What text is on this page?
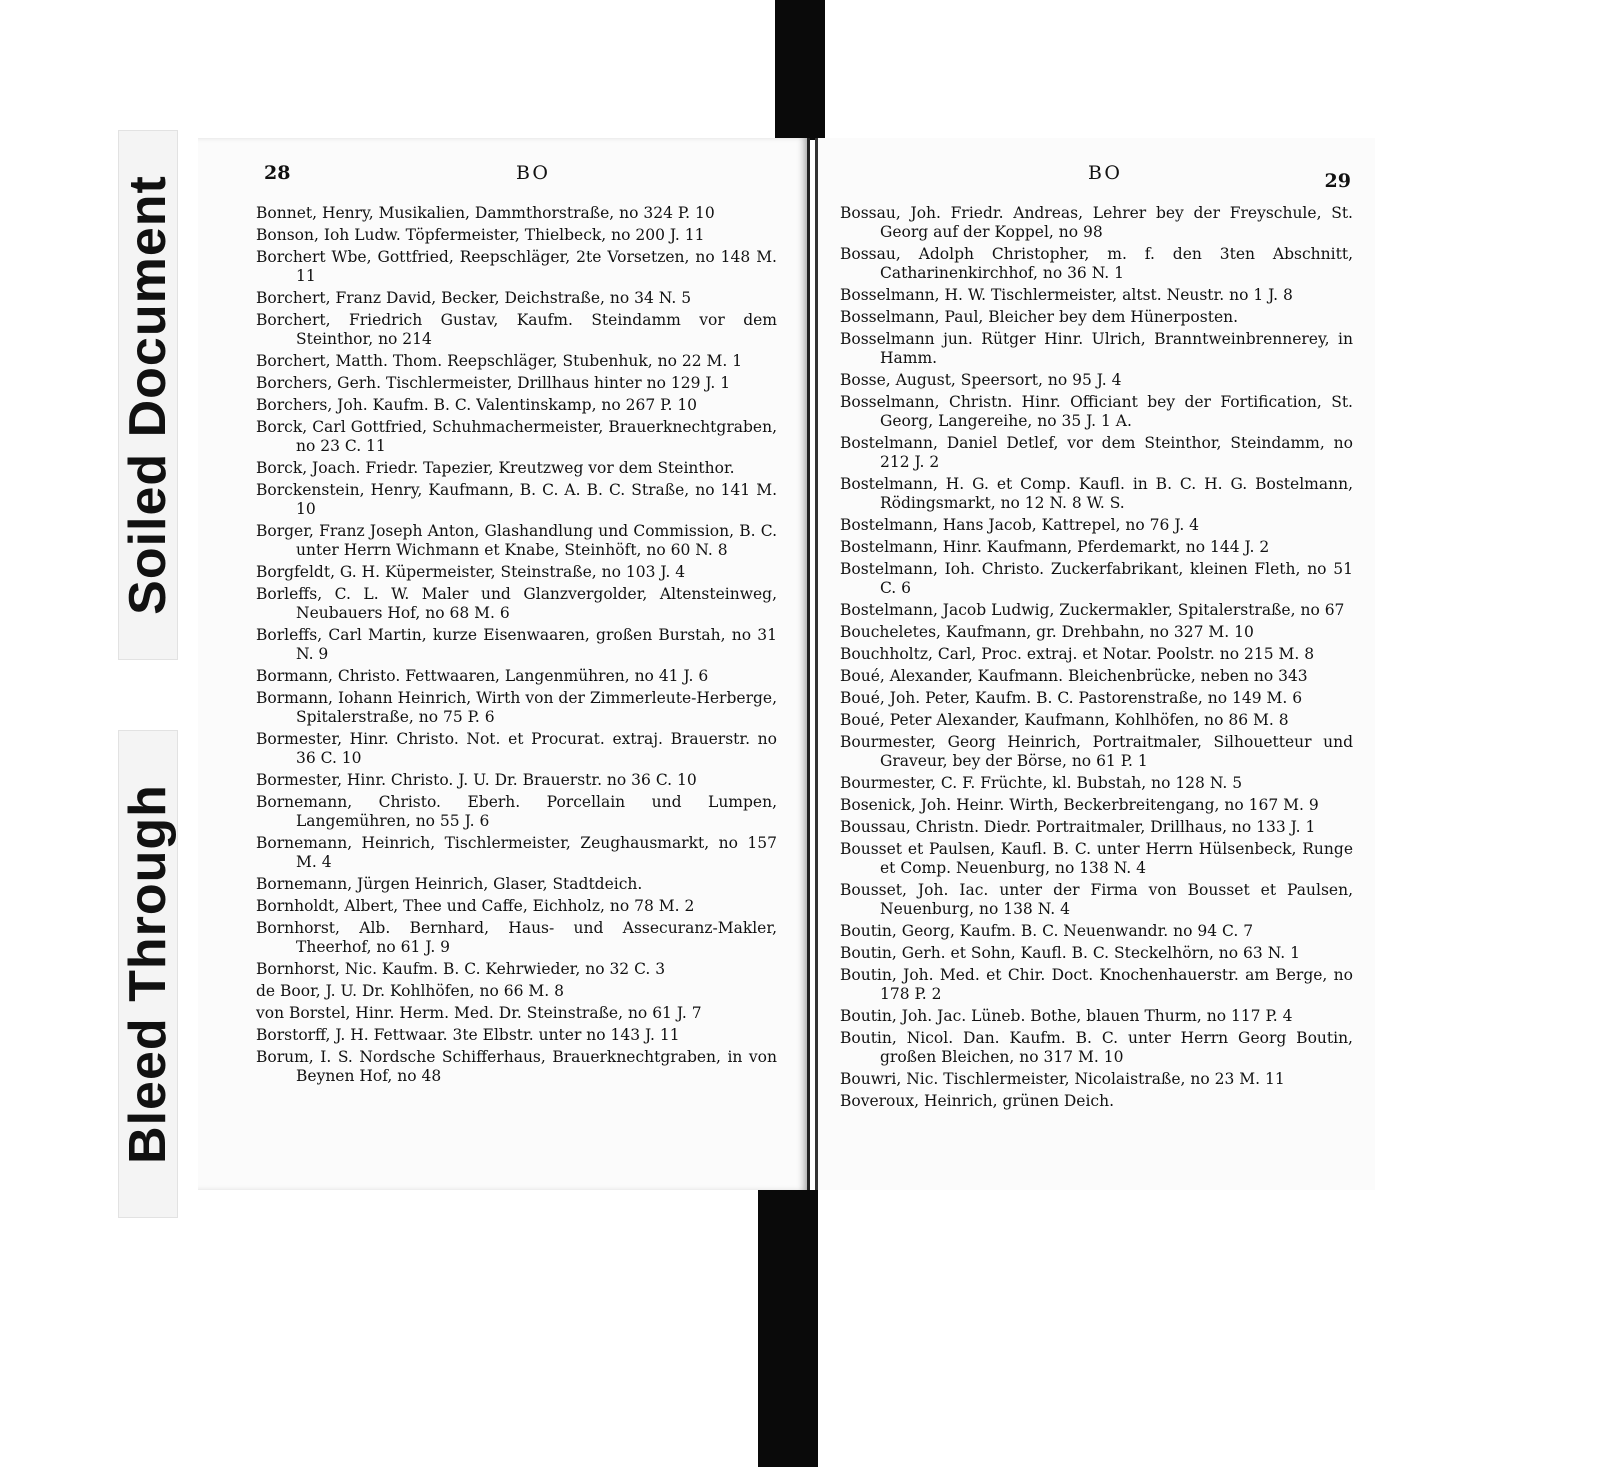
Soiled Document
Bleed Through
28	BO
Bonnet, Henry, Musikalien, Dammthorstraße, no 324 P. 10
Bonson, Ioh Ludw. Töpfermeister, Thielbeck, no 200 J. 11
Borchert Wbe, Gottfried, Reepschläger, 2te Vorsetzen, no 148 M. 11
Borchert, Franz David, Becker, Deichstraße, no 34 N. 5
Borchert, Friedrich Gustav, Kaufm. Steindamm vor dem Steinthor, no 214
Borchert, Matth. Thom. Reepschläger, Stubenhuk, no 22 M. 1
Borchers, Gerh. Tischlermeister, Drillhaus hinter no 129 J. 1
Borchers, Joh. Kaufm. B. C. Valentinskamp, no 267 P. 10
Borck, Carl Gottfried, Schuhmachermeister, Brauerknechtgraben, no 23 C. 11
Borck, Joach. Friedr. Tapezier, Kreutzweg vor dem Steinthor.
Borckenstein, Henry, Kaufmann, B. C. A. B. C. Straße, no 141 M. 10
Borger, Franz Joseph Anton, Glashandlung und Commission, B. C. unter Herrn Wichmann et Knabe, Steinhöft, no 60 N. 8
Borgfeldt, G. H. Küpermeister, Steinstraße, no 103 J. 4
Borleffs, C. L. W. Maler und Glanzvergolder, Altensteinweg, Neubauers Hof, no 68 M. 6
Borleffs, Carl Martin, kurze Eisenwaaren, großen Burstah, no 31 N. 9
Bormann, Christo. Fettwaaren, Langenmühren, no 41 J. 6
Bormann, Iohann Heinrich, Wirth von der Zimmerleute-Herberge, Spitalerstraße, no 75 P. 6
Bormester, Hinr. Christo. Not. et Procurat. extraj. Brauerstr. no 36 C. 10
Bormester, Hinr. Christo. J. U. Dr. Brauerstr. no 36 C. 10
Bornemann, Christo. Eberh. Porcellain und Lumpen, Langemühren, no 55 J. 6
Bornemann, Heinrich, Tischlermeister, Zeughausmarkt, no 157 M. 4
Bornemann, Jürgen Heinrich, Glaser, Stadtdeich.
Bornholdt, Albert, Thee und Caffe, Eichholz, no 78 M. 2
Bornhorst, Alb. Bernhard, Haus- und Assecuranz-Makler, Theerhof, no 61 J. 9
Bornhorst, Nic. Kaufm. B. C. Kehrwieder, no 32 C. 3
de Boor, J. U. Dr. Kohlhöfen, no 66 M. 8
von Borstel, Hinr. Herm. Med. Dr. Steinstraße, no 61 J. 7
Borstorff, J. H. Fettwaar. 3te Elbstr. unter no 143 J. 11
Borum, I. S. Nordsche Schifferhaus, Brauerknechtgraben, in von Beynen Hof, no 48
BO	29
Bossau, Joh. Friedr. Andreas, Lehrer bey der Freyschule, St. Georg auf der Koppel, no 98
Bossau, Adolph Christopher, m. f. den 3ten Abschnitt, Catharinenkirchhof, no 36 N. 1
Bosselmann, H. W. Tischlermeister, altst. Neustr. no 1 J. 8
Bosselmann, Paul, Bleicher bey dem Hünerposten.
Bosselmann jun. Rütger Hinr. Ulrich, Branntweinbrennerey, in Hamm.
Bosse, August, Speersort, no 95 J. 4
Bosselmann, Christn. Hinr. Officiant bey der Fortification, St. Georg, Langereihe, no 35 J. 1 A.
Bostelmann, Daniel Detlef, vor dem Steinthor, Steindamm, no 212 J. 2
Bostelmann, H. G. et Comp. Kaufl. in B. C. H. G. Bostelmann, Rödingsmarkt, no 12 N. 8 W. S.
Bostelmann, Hans Jacob, Kattrepel, no 76 J. 4
Bostelmann, Hinr. Kaufmann, Pferdemarkt, no 144 J. 2
Bostelmann, Ioh. Christo. Zuckerfabrikant, kleinen Fleth, no 51 C. 6
Bostelmann, Jacob Ludwig, Zuckermakler, Spitalerstraße, no 67
Boucheletes, Kaufmann, gr. Drehbahn, no 327 M. 10
Bouchholtz, Carl, Proc. extraj. et Notar. Poolstr. no 215 M. 8
Boué, Alexander, Kaufmann. Bleichenbrücke, neben no 343
Boué, Joh. Peter, Kaufm. B. C. Pastorenstraße, no 149 M. 6
Boué, Peter Alexander, Kaufmann, Kohlhöfen, no 86 M. 8
Bourmester, Georg Heinrich, Portraitmaler, Silhouetteur und Graveur, bey der Börse, no 61 P. 1
Bourmester, C. F. Früchte, kl. Bubstah, no 128 N. 5
Bosenick, Joh. Heinr. Wirth, Beckerbreitengang, no 167 M. 9
Boussau, Christn. Diedr. Portraitmaler, Drillhaus, no 133 J. 1
Bousset et Paulsen, Kaufl. B. C. unter Herrn Hülsenbeck, Runge et Comp. Neuenburg, no 138 N. 4
Bousset, Joh. Iac. unter der Firma von Bousset et Paulsen, Neuenburg, no 138 N. 4
Boutin, Georg, Kaufm. B. C. Neuenwandr. no 94 C. 7
Boutin, Gerh. et Sohn, Kaufl. B. C. Steckelhörn, no 63 N. 1
Boutin, Joh. Med. et Chir. Doct. Knochenhauerstr. am Berge, no 178 P. 2
Boutin, Joh. Jac. Lüneb. Bothe, blauen Thurm, no 117 P. 4
Boutin, Nicol. Dan. Kaufm. B. C. unter Herrn Georg Boutin, großen Bleichen, no 317 M. 10
Bouwri, Nic. Tischlermeister, Nicolaistraße, no 23 M. 11
Boveroux, Heinrich, grünen Deich.
